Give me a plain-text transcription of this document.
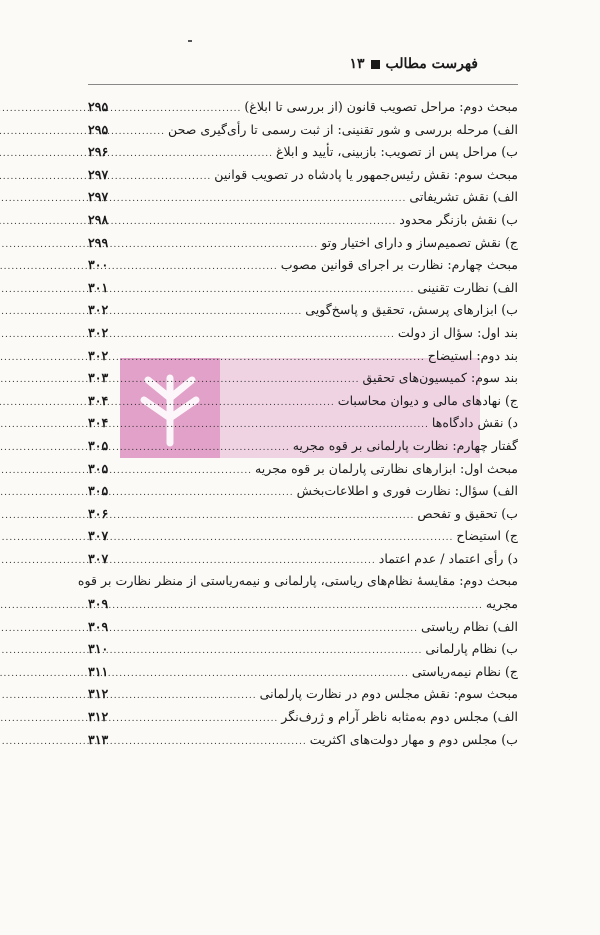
فهرست مطالب
۱۳
مبحث دوم: مراحل تصویب قانون (از بررسی تا ابلاغ)
.....
۲۹۵
الف) مرحله بررسی و شور تقنینی: از ثبت رسمی تا رأی‌گیری صحن
.....
۲۹۵
ب) مراحل پس از تصویب: بازبینی، تأیید و ابلاغ
.....
۲۹۶
مبحث سوم: نقش رئیس‌جمهور یا پادشاه در تصویب قوانین
.....
۲۹۷
الف) نقش تشریفاتی
.....
۲۹۷
ب) نقش بازنگر محدود
.....
۲۹۸
ج) نقش تصمیم‌ساز و دارای اختیار وتو
.....
۲۹۹
مبحث چهارم: نظارت بر اجرای قوانین مصوب
.....
۳۰۰
الف) نظارت تقنینی
.....
۳۰۱
ب) ابزارهای پرسش، تحقیق و پاسخ‌گویی
.....
۳۰۲
بند اول: سؤال از دولت
.....
۳۰۲
بند دوم: استیضاح
.....
۳۰۲
بند سوم: کمیسیون‌های تحقیق
.....
۳۰۳
ج) نهادهای مالی و دیوان محاسبات
.....
۳۰۴
د) نقش دادگاه‌ها
.....
۳۰۴
گفتار چهارم: نظارت پارلمانی بر قوه مجریه
.....
۳۰۵
مبحث اول: ابزارهای نظارتی پارلمان بر قوه مجریه
.....
۳۰۵
الف) سؤال: نظارت فوری و اطلاعات‌بخش
.....
۳۰۵
ب) تحقیق و تفحص
.....
۳۰۶
ج) استیضاح
.....
۳۰۷
د) رأی اعتماد / عدم اعتماد
.....
۳۰۷
مبحث دوم: مقایسهٔ نظام‌های ریاستی، پارلمانی و نیمه‌ریاستی از منظر نظارت بر قوه
مجریه
.....
۳۰۹
الف) نظام ریاستی
.....
۳۰۹
ب) نظام پارلمانی
.....
۳۱۰
ج) نظام نیمه‌ریاستی
.....
۳۱۱
مبحث سوم: نقش مجلس دوم در نظارت پارلمانی
.....
۳۱۲
الف) مجلس دوم به‌مثابه ناظر آرام و ژرف‌نگر
.....
۳۱۲
ب) مجلس دوم و مهار دولت‌های اکثریت
.....
۳۱۳
